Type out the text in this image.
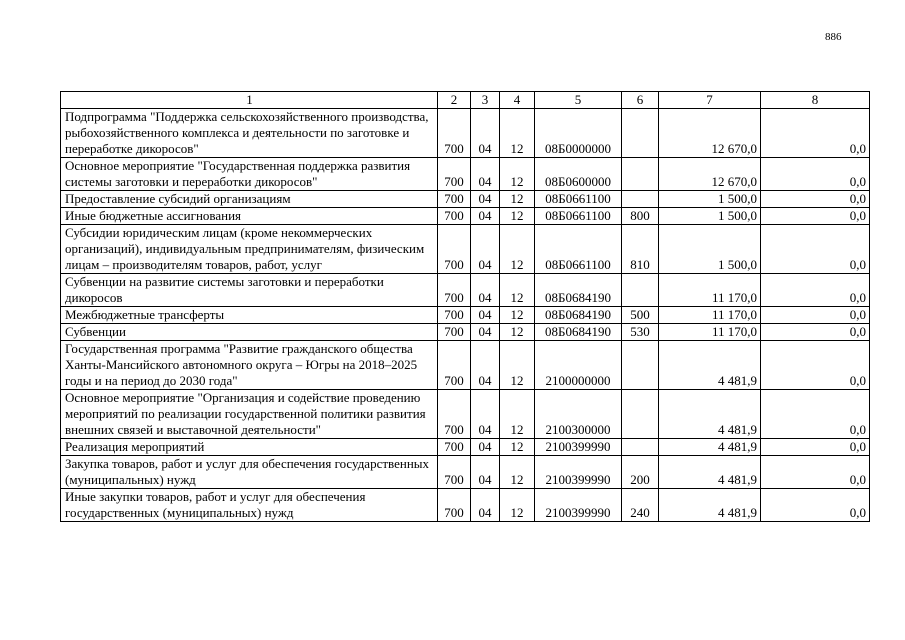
886
1	2	3	4	5	6	7	8
Подпрограмма "Поддержка сельскохозяйственного производства, рыбохозяйственного комплекса и деятельности по заготовке и переработке дикоросов"	700	04	12	08Б0000000		12 670,0	0,0
Основное мероприятие "Государственная поддержка развития системы заготовки и переработки дикоросов"	700	04	12	08Б0600000		12 670,0	0,0
Предоставление субсидий организациям	700	04	12	08Б0661100		1 500,0	0,0
Иные бюджетные ассигнования	700	04	12	08Б0661100	800	1 500,0	0,0
Субсидии юридическим лицам (кроме некоммерческих организаций), индивидуальным предпринимателям, физическим лицам – производителям товаров, работ, услуг	700	04	12	08Б0661100	810	1 500,0	0,0
Субвенции на развитие системы заготовки и переработки дикоросов	700	04	12	08Б0684190		11 170,0	0,0
Межбюджетные трансферты	700	04	12	08Б0684190	500	11 170,0	0,0
Субвенции	700	04	12	08Б0684190	530	11 170,0	0,0
Государственная программа "Развитие гражданского общества Ханты-Мансийского автономного округа – Югры на 2018–2025 годы и на период до 2030 года"	700	04	12	2100000000		4 481,9	0,0
Основное мероприятие "Организация и содействие проведению мероприятий по реализации государственной политики развития внешних связей и выставочной деятельности"	700	04	12	2100300000		4 481,9	0,0
Реализация мероприятий	700	04	12	2100399990		4 481,9	0,0
Закупка товаров, работ и услуг для обеспечения государственных (муниципальных) нужд	700	04	12	2100399990	200	4 481,9	0,0
Иные закупки товаров, работ и услуг для обеспечения государственных (муниципальных) нужд	700	04	12	2100399990	240	4 481,9	0,0
